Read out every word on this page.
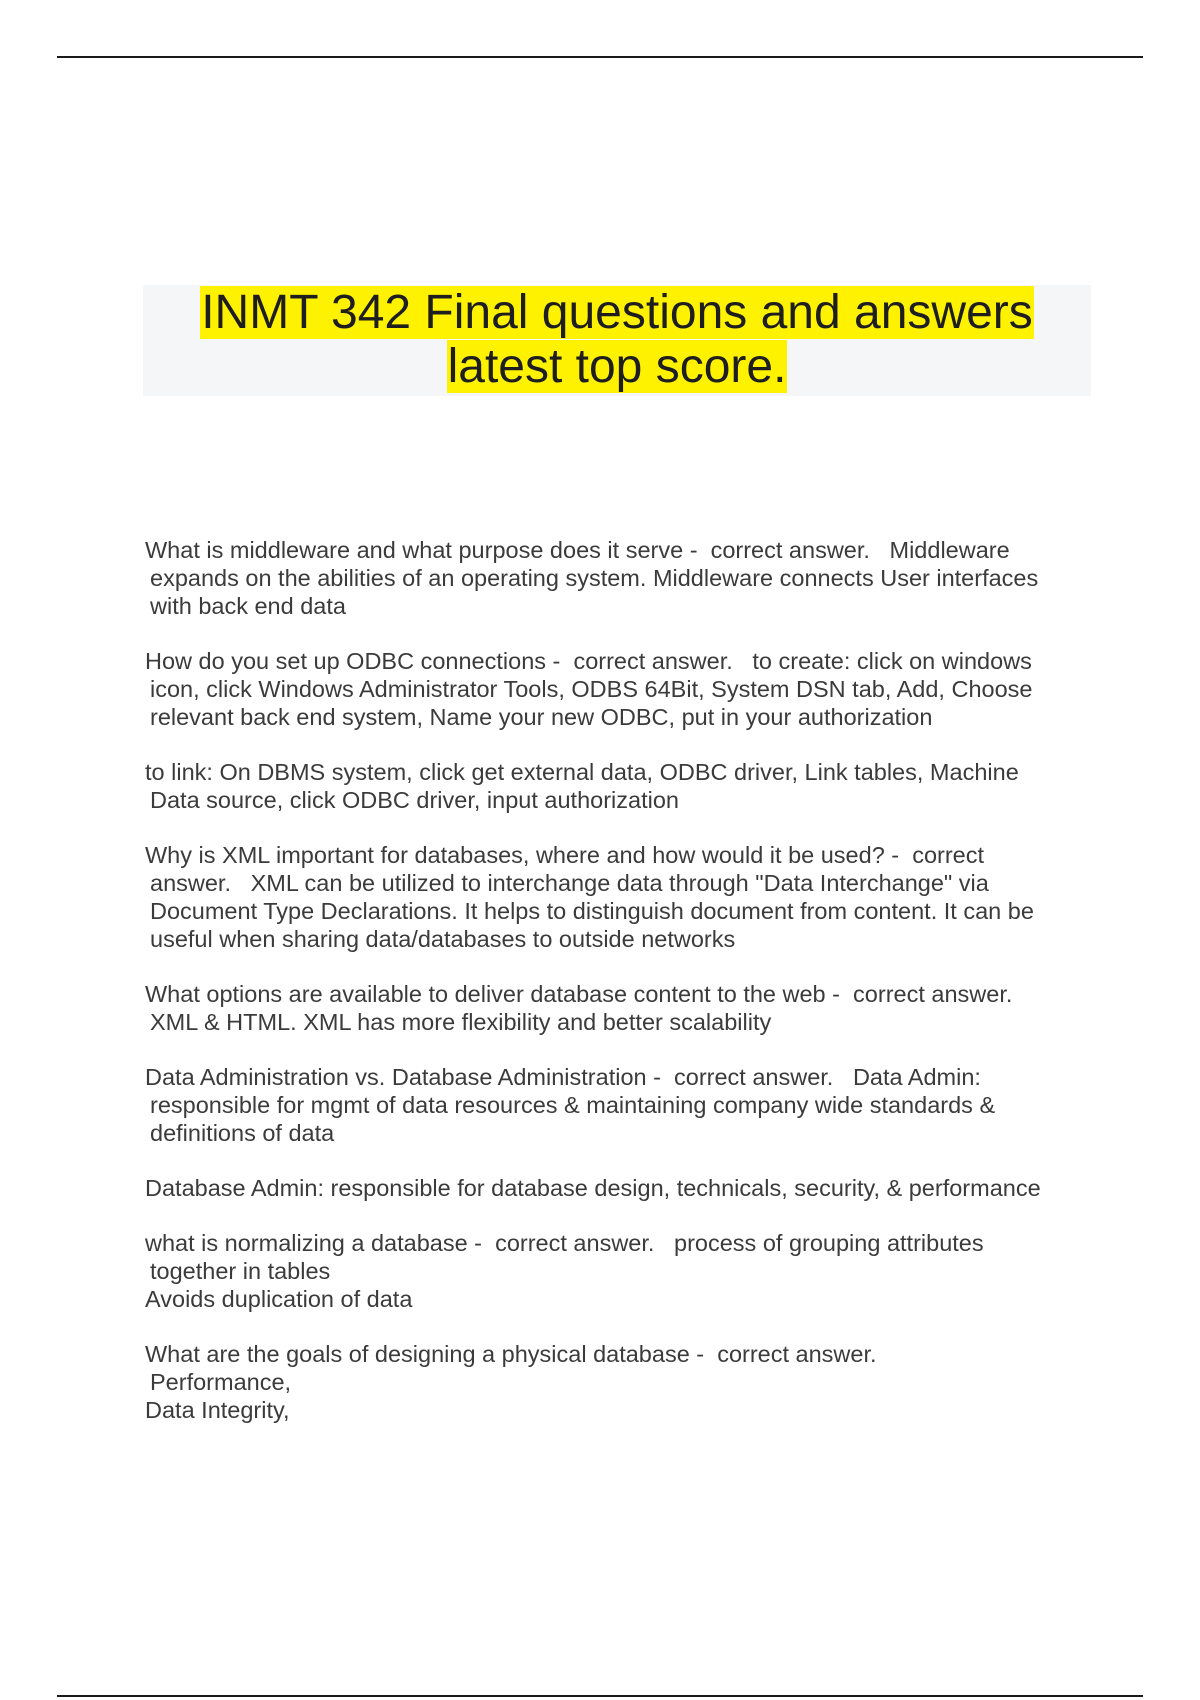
INMT 342 Final questions and answers
latest top score.

What is middleware and what purpose does it serve - correct answer. Middleware
expands on the abilities of an operating system. Middleware connects User interfaces
with back end data

How do you set up ODBC connections - correct answer. to create: click on windows
icon, click Windows Administrator Tools, ODBS 64Bit, System DSN tab, Add, Choose
relevant back end system, Name your new ODBC, put in your authorization

to link: On DBMS system, click get external data, ODBC driver, Link tables, Machine
Data source, click ODBC driver, input authorization

Why is XML important for databases, where and how would it be used? - correct
answer.   XML can be utilized to interchange data through "Data Interchange" via
Document Type Declarations. It helps to distinguish document from content. It can be
useful when sharing data/databases to outside networks

What options are available to deliver database content to the web - correct answer.
XML & HTML. XML has more flexibility and better scalability

Data Administration vs. Database Administration - correct answer. Data Admin:
responsible for mgmt of data resources & maintaining company wide standards &
definitions of data

Database Admin: responsible for database design, technicals, security, & performance

what is normalizing a database - correct answer. process of grouping attributes
together in tables
Avoids duplication of data

What are the goals of designing a physical database - correct answer.
Performance,
Data Integrity,
